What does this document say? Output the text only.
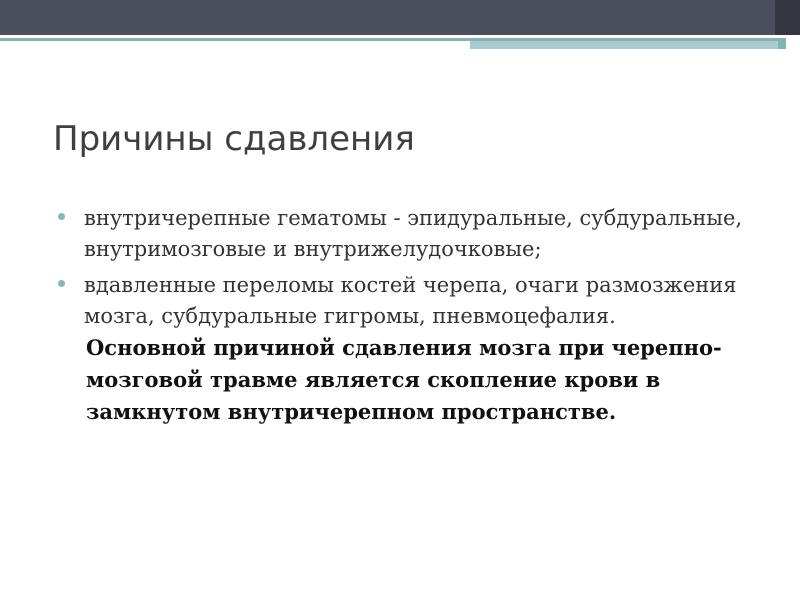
Причины сдавления
внутричерепные гематомы - эпидуральные, субдуральные, внутримозговые и внутрижелудочковые;
вдавленные переломы костей черепа, очаги размозжения мозга, субдуральные гигромы, пневмоцефалия.
Основной причиной сдавления мозга при черепно-мозговой травме является скопление крови в замкнутом внутричерепном пространстве.
